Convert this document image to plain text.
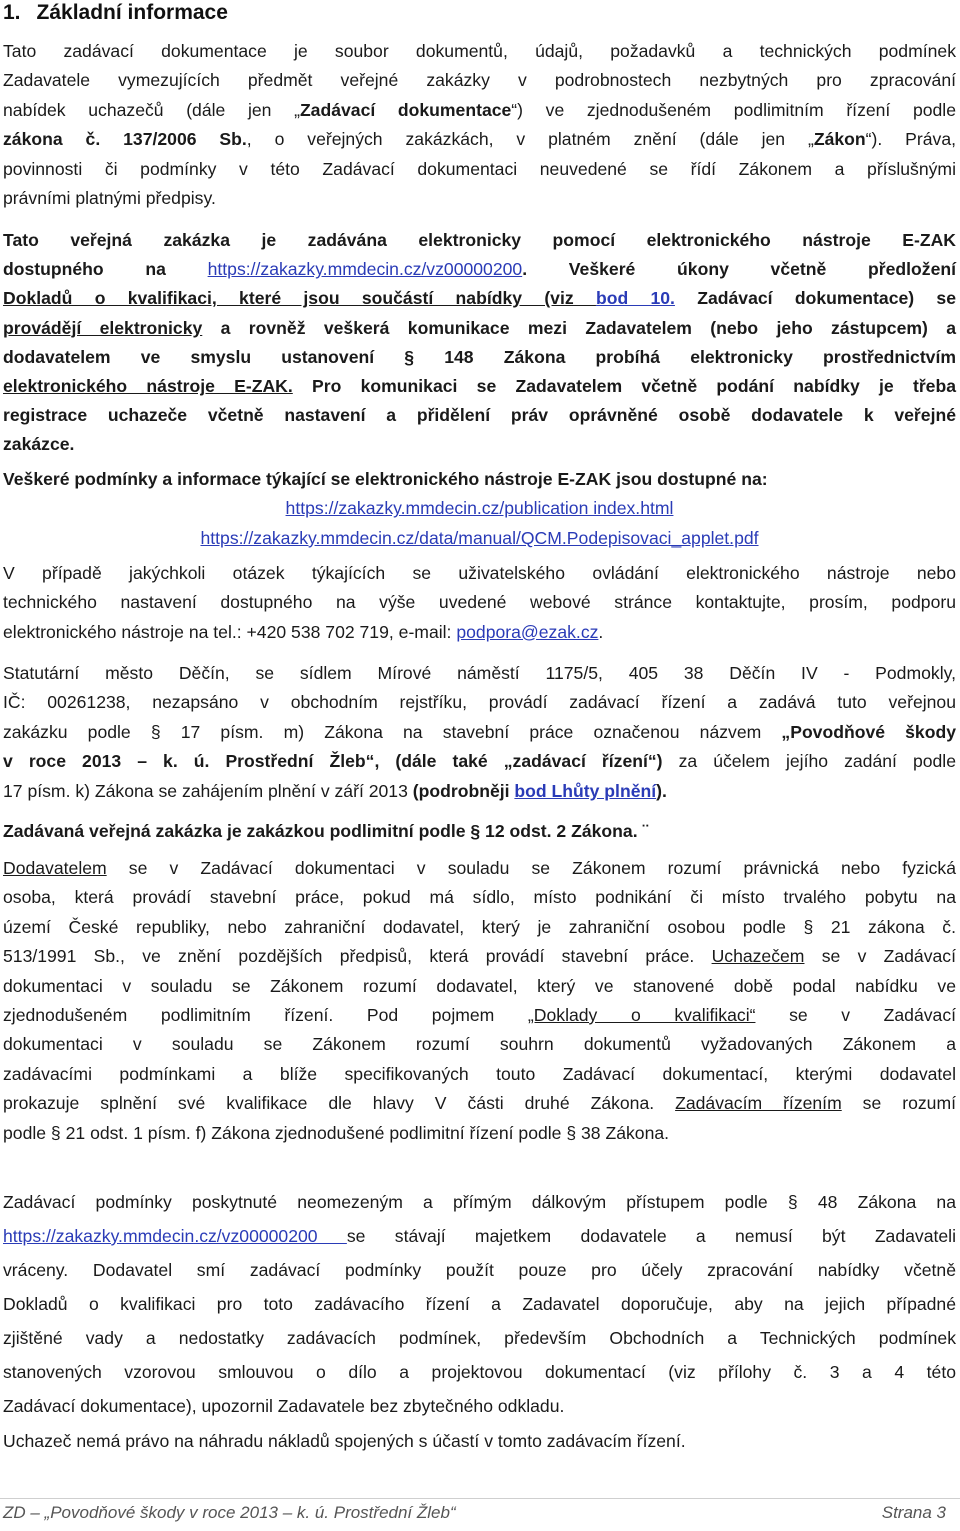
1. Základní informace
Tato zadávací dokumentace je soubor dokumentů, údajů, požadavků a technických podmínek
Zadavatele vymezujících předmět veřejné zakázky v podrobnostech nezbytných pro zpracování
nabídek uchazečů (dále jen „Zadávací dokumentace“) ve zjednodušeném podlimitním řízení podle
zákona č. 137/2006 Sb., o veřejných zakázkách, v platném znění (dále jen „Zákon“). Práva,
povinnosti či podmínky v této Zadávací dokumentaci neuvedené se řídí Zákonem a příslušnými
právními platnými předpisy.
Tato veřejná zakázka je zadávána elektronicky pomocí elektronického nástroje E-ZAK
dostupného na https://zakazky.mmdecin.cz/vz00000200. Veškeré úkony včetně předložení
Dokladů o kvalifikaci, které jsou součástí nabídky (viz bod 10. Zadávací dokumentace) se
provádějí elektronicky a rovněž veškerá komunikace mezi Zadavatelem (nebo jeho zástupcem) a
dodavatelem ve smyslu ustanovení § 148 Zákona probíhá elektronicky prostřednictvím
elektronického nástroje E-ZAK. Pro komunikaci se Zadavatelem včetně podání nabídky je třeba
registrace uchazeče včetně nastavení a přidělení práv oprávněné osobě dodavatele k veřejné
zakázce.
Veškeré podmínky a informace týkající se elektronického nástroje E-ZAK jsou dostupné na:
https://zakazky.mmdecin.cz/publication index.html
https://zakazky.mmdecin.cz/data/manual/QCM.Podepisovaci_applet.pdf
V případě jakýchkoli otázek týkajících se uživatelského ovládání elektronického nástroje nebo
technického nastavení dostupného na výše uvedené webové stránce kontaktujte, prosím, podporu
elektronického nástroje na tel.: +420 538 702 719, e-mail: podpora@ezak.cz.
Statutární město Děčín, se sídlem Mírové náměstí 1175/5, 405 38 Děčín IV - Podmokly,
IČ: 00261238, nezapsáno v obchodním rejstříku, provádí zadávací řízení a zadává tuto veřejnou
zakázku podle § 17 písm. m) Zákona na stavební práce označenou názvem „Povodňové škody
v roce 2013 – k. ú. Prostřední Žleb“, (dále také „zadávací řízení“) za účelem jejího zadání podle
17 písm. k) Zákona se zahájením plnění v září 2013 (podrobněji bod Lhůty plnění).
Zadávaná veřejná zakázka je zakázkou podlimitní podle § 12 odst. 2 Zákona. ¨
Dodavatelem se v Zadávací dokumentaci v souladu se Zákonem rozumí právnická nebo fyzická
osoba, která provádí stavební práce, pokud má sídlo, místo podnikání či místo trvalého pobytu na
území České republiky, nebo zahraniční dodavatel, který je zahraniční osobou podle § 21 zákona č.
513/1991 Sb., ve znění pozdějších předpisů, která provádí stavební práce. Uchazečem se v Zadávací
dokumentaci v souladu se Zákonem rozumí dodavatel, který ve stanovené době podal nabídku ve
zjednodušeném podlimitním řízení. Pod pojmem „Doklady o kvalifikaci“ se v Zadávací
dokumentaci v souladu se Zákonem rozumí souhrn dokumentů vyžadovaných Zákonem a
zadávacími podmínkami a blíže specifikovaných touto Zadávací dokumentací, kterými dodavatel
prokazuje splnění své kvalifikace dle hlavy V části druhé Zákona. Zadávacím řízením se rozumí
podle § 21 odst. 1 písm. f) Zákona zjednodušené podlimitní řízení podle § 38 Zákona.
Zadávací podmínky poskytnuté neomezeným a přímým dálkovým přístupem podle § 48 Zákona na
https://zakazky.mmdecin.cz/vz00000200 se stávají majetkem dodavatele a nemusí být Zadavateli
vráceny. Dodavatel smí zadávací podmínky použít pouze pro účely zpracování nabídky včetně
Dokladů o kvalifikaci pro toto zadávacího řízení a Zadavatel doporučuje, aby na jejich případné
zjištěné vady a nedostatky zadávacích podmínek, především Obchodních a Technických podmínek
stanovených vzorovou smlouvou o dílo a projektovou dokumentací (viz přílohy č. 3 a 4 této
Zadávací dokumentace), upozornil Zadavatele bez zbytečného odkladu.
Uchazeč nemá právo na náhradu nákladů spojených s účastí v tomto zadávacím řízení.
ZD – „Povodňové škody v roce 2013 – k. ú. Prostřední Žleb“	Strana 3
